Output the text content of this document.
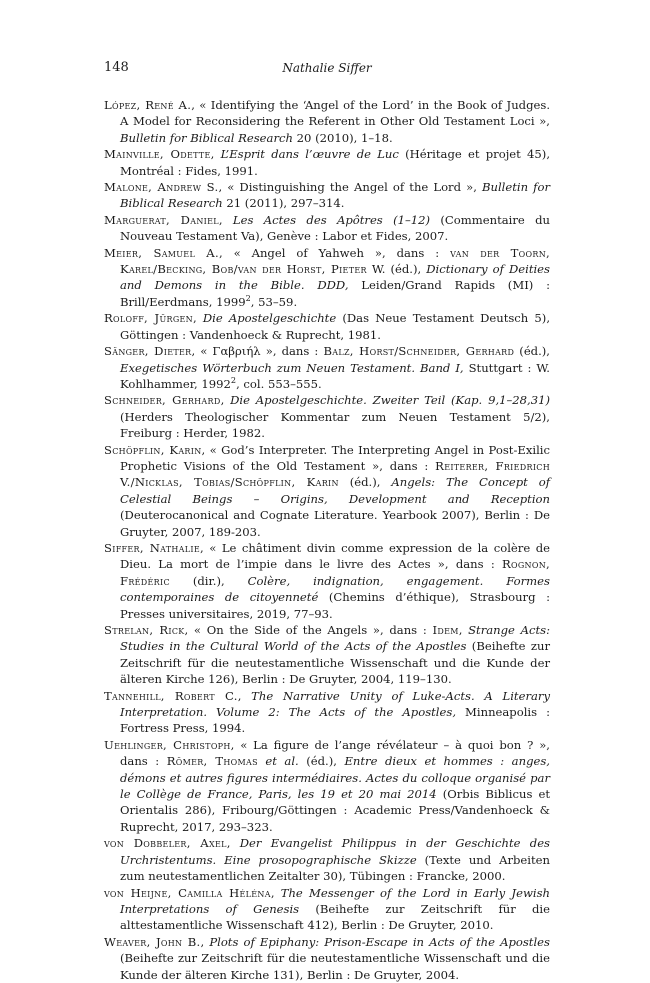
148	Nathalie Siffer

López, René A., « Identifying the ‘Angel of the Lord’ in the Book of Judges. A Model for Reconsidering the Referent in Other Old Testament Loci », Bulletin for Biblical Research 20 (2010), 1–18.

Mainville, Odette, L’Esprit dans l’œuvre de Luc (Héritage et projet 45), Montréal : Fides, 1991.

Malone, Andrew S., « Distinguishing the Angel of the Lord », Bulletin for Biblical Research 21 (2011), 297–314.

Marguerat, Daniel, Les Actes des Apôtres (1–12) (Commentaire du Nouveau Testament Va), Genève : Labor et Fides, 2007.

Meier, Samuel A., « Angel of Yahweh », dans : van der Toorn, Karel/Becking, Bob/van der Horst, Pieter W. (éd.), Dictionary of Deities and Demons in the Bible. DDD, Leiden/Grand Rapids (MI) : Brill/Eerdmans, 1999$^2$, 53–59.

Roloff, Jürgen, Die Apostelgeschichte (Das Neue Testament Deutsch 5), Göttingen : Vandenhoeck & Ruprecht, 1981.

Sänger, Dieter, « Γαβριήλ », dans : Balz, Horst/Schneider, Gerhard (éd.), Exegetisches Wörterbuch zum Neuen Testament. Band I, Stuttgart : W. Kohlhammer, 1992$^2$, col. 553–555.

Schneider, Gerhard, Die Apostelgeschichte. Zweiter Teil (Kap. 9,1–28,31) (Herders Theologischer Kommentar zum Neuen Testament 5/2), Freiburg : Herder, 1982.

Schöpflin, Karin, « God’s Interpreter. The Interpreting Angel in Post-Exilic Prophetic Visions of the Old Testament », dans : Reiterer, Friedrich V./Nicklas, Tobias/Schöpflin, Karin (éd.), Angels: The Concept of Celestial Beings – Origins, Development and Reception (Deuterocanonical and Cognate Literature. Yearbook 2007), Berlin : De Gruyter, 2007, 189-203.

Siffer, Nathalie, « Le châtiment divin comme expression de la colère de Dieu. La mort de l’impie dans le livre des Actes », dans : Rognon, Frédéric (dir.), Colère, indignation, engagement. Formes contemporaines de citoyenneté (Chemins d’éthique), Strasbourg : Presses universitaires, 2019, 77–93.

Strelan, Rick, « On the Side of the Angels », dans : Idem, Strange Acts: Studies in the Cultural World of the Acts of the Apostles (Beihefte zur Zeitschrift für die neutestamentliche Wissenschaft und die Kunde der älteren Kirche 126), Berlin : De Gruyter, 2004, 119–130.

Tannehill, Robert C., The Narrative Unity of Luke-Acts. A Literary Interpretation. Volume 2: The Acts of the Apostles, Minneapolis : Fortress Press, 1994.

Uehlinger, Christoph, « La figure de l’ange révélateur – à quoi bon ? », dans : Römer, Thomas et al. (éd.), Entre dieux et hommes : anges, démons et autres figures intermédiaires. Actes du colloque organisé par le Collège de France, Paris, les 19 et 20 mai 2014 (Orbis Biblicus et Orientalis 286), Fribourg/Göttingen : Academic Press/Vandenhoeck & Ruprecht, 2017, 293–323.

von Dobbeler, Axel, Der Evangelist Philippus in der Geschichte des Urchristentums. Eine prosopographische Skizze (Texte und Arbeiten zum neutestamentlichen Zeitalter 30), Tübingen : Francke, 2000.

von Heijne, Camilla Héléna, The Messenger of the Lord in Early Jewish Interpretations of Genesis (Beihefte zur Zeitschrift für die alttestamentliche Wissenschaft 412), Berlin : De Gruyter, 2010.

Weaver, John B., Plots of Epiphany: Prison-Escape in Acts of the Apostles (Beihefte zur Zeitschrift für die neutestamentliche Wissenschaft und die Kunde der älteren Kirche 131), Berlin : De Gruyter, 2004.
